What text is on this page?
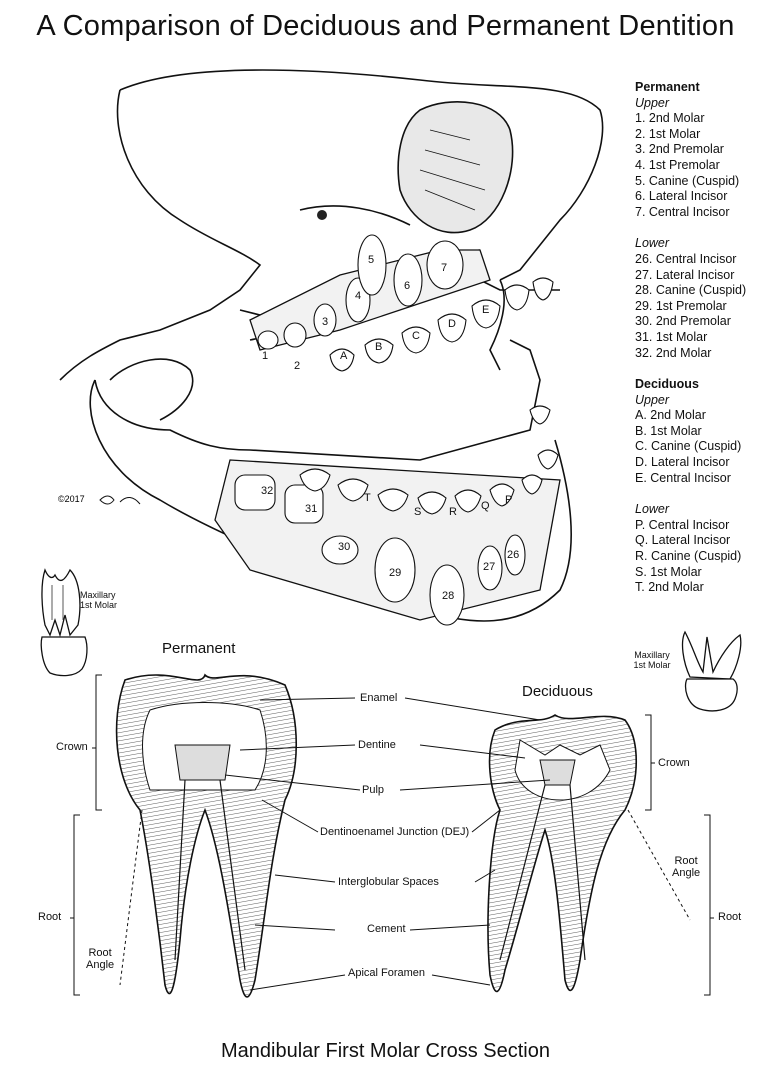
A Comparison of Deciduous and Permanent Dentition
©2017
1
2
3
4
5
6
7
A
B
C
D
E
32
31
30
29
28
27
26
T
S	R Q P
Permanent
Upper
1. 2nd Molar
2. 1st Molar
3. 2nd Premolar
4. 1st Premolar
5. Canine (Cuspid)
6. Lateral Incisor
7. Central Incisor
Lower
26. Central Incisor
27. Lateral Incisor
28. Canine (Cuspid)
29. 1st Premolar
30. 2nd Premolar
31. 1st Molar
32. 2nd Molar
Deciduous
Upper
A. 2nd Molar
B. 1st Molar
C. Canine (Cuspid)
D. Lateral Incisor
E. Central Incisor
Lower
P. Central Incisor
Q. Lateral Incisor
R. Canine (Cuspid)
S. 1st Molar
T. 2nd Molar
Maxillary
1st Molar
Maxillary
1st Molar
Permanent
Deciduous
Enamel
Dentine
Pulp
Dentinoenamel Junction (DEJ)
Interglobular Spaces
Cement
Apical Foramen
Crown
Root
Root
Angle
Crown
Root
Root
Angle
Mandibular First Molar Cross Section
